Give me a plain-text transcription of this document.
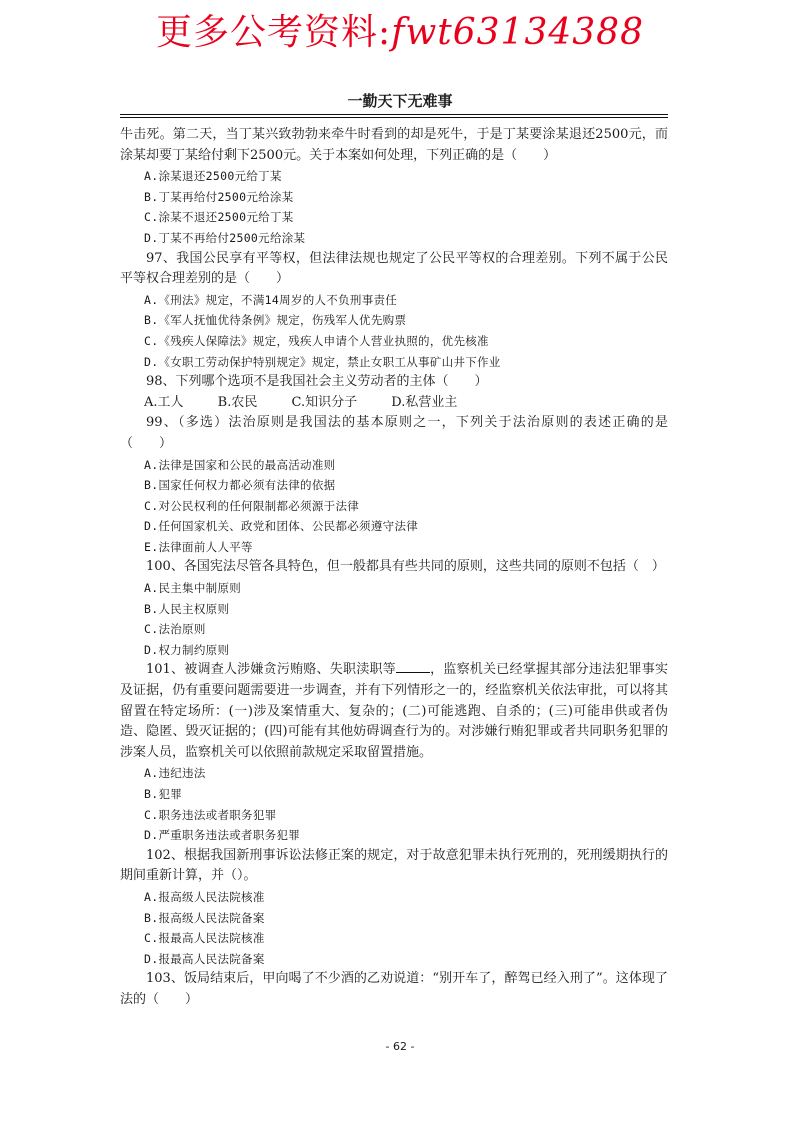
更多公考资料:fwt63134388
一勤天下无难事

牛击死。第二天，当丁某兴致勃勃来牵牛时看到的却是死牛，于是丁某要涂某退还2500元，而涂某却要丁某给付剩下2500元。关于本案如何处理，下列正确的是（　　）

A.涂某退还2500元给丁某

B.丁某再给付2500元给涂某

C.涂某不退还2500元给丁某

D.丁某不再给付2500元给涂某

97、我国公民享有平等权，但法律法规也规定了公民平等权的合理差别。下列不属于公民平等权合理差别的是（　　）

A.《刑法》规定，不满14周岁的人不负刑事责任

B.《军人抚恤优待条例》规定，伤残军人优先购票

C.《残疾人保障法》规定，残疾人申请个人营业执照的，优先核准

D.《女职工劳动保护特别规定》规定，禁止女职工从事矿山井下作业

98、下列哪个选项不是我国社会主义劳动者的主体（　　）

A.工人	B.农民	C.知识分子	D.私营业主

99、（多选）法治原则是我国法的基本原则之一，下列关于法治原则的表述正确的是（　　）

A.法律是国家和公民的最高活动准则

B.国家任何权力都必须有法律的依据

C.对公民权利的任何限制都必须源于法律

D.任何国家机关、政党和团体、公民都必须遵守法律

E.法律面前人人平等

100、各国宪法尽管各具特色，但一般都具有些共同的原则，这些共同的原则不包括（　）

A.民主集中制原则

B.人民主权原则

C.法治原则

D.权力制约原则

101、被调查人涉嫌贪污贿赂、失职渎职等	，监察机关已经掌握其部分违法犯罪事实及证据，仍有重要问题需要进一步调查，并有下列情形之一的，经监察机关依法审批，可以将其留置在特定场所：(一)涉及案情重大、复杂的；(二)可能逃跑、自杀的；(三)可能串供或者伪造、隐匿、毁灭证据的；(四)可能有其他妨碍调查行为的。对涉嫌行贿犯罪或者共同职务犯罪的涉案人员，监察机关可以依照前款规定采取留置措施。

A.违纪违法

B.犯罪

C.职务违法或者职务犯罪

D.严重职务违法或者职务犯罪

102、根据我国新刑事诉讼法修正案的规定，对于故意犯罪未执行死刑的，死刑缓期执行的期间重新计算，并（）。

A.报高级人民法院核准

B.报高级人民法院备案

C.报最高人民法院核准

D.报最高人民法院备案

103、饭局结束后，甲向喝了不少酒的乙劝说道：“别开车了，醉驾已经入刑了”。这体现了法的（　　）

- 62 -
